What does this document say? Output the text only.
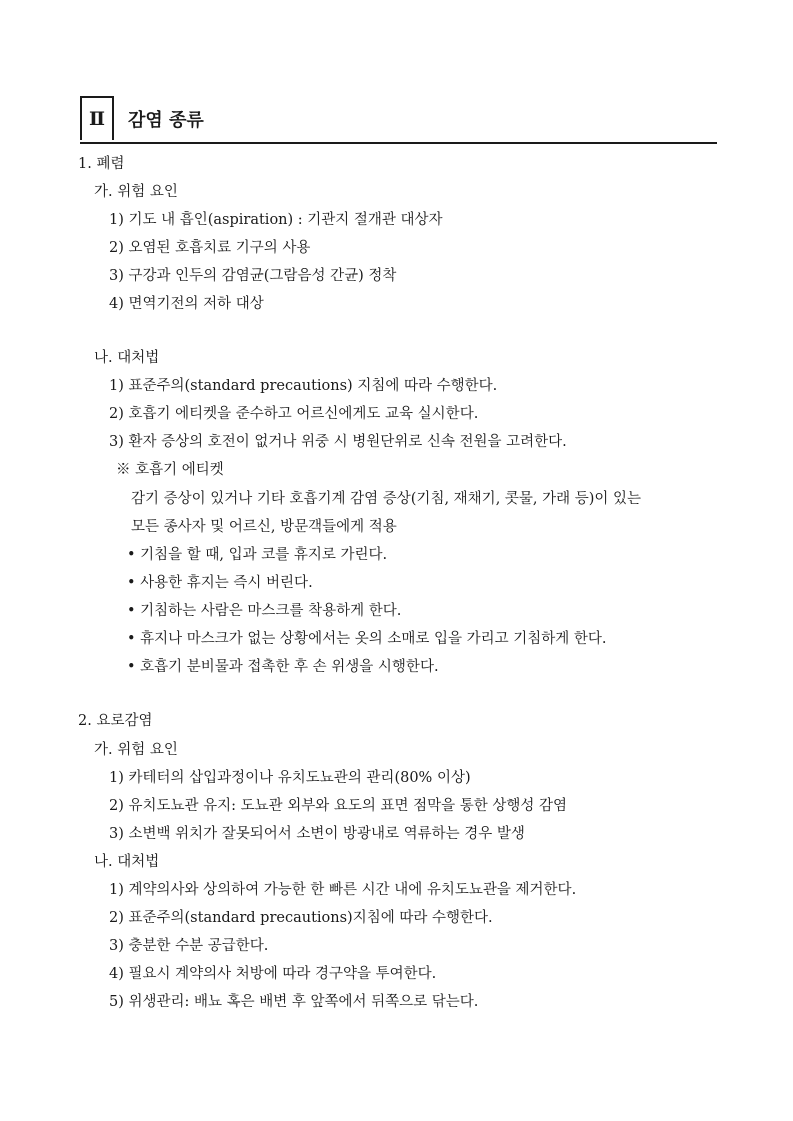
Ⅱ	감염 종류
1. 폐렴
가. 위험 요인
1) 기도 내 흡인(aspiration) : 기관지 절개관 대상자
2) 오염된 호흡치료 기구의 사용
3) 구강과 인두의 감염균(그람음성 간균) 정착
4) 면역기전의 저하 대상
나. 대처법
1) 표준주의(standard precautions) 지침에 따라 수행한다.
2) 호흡기 에티켓을 준수하고 어르신에게도 교육 실시한다.
3) 환자 증상의 호전이 없거나 위중 시 병원단위로 신속 전원을 고려한다.
※ 호흡기 에티켓
감기 증상이 있거나 기타 호흡기계 감염 증상(기침, 재채기, 콧물, 가래 등)이 있는
모든 종사자 및 어르신, 방문객들에게 적용
• 기침을 할 때, 입과 코를 휴지로 가린다.
• 사용한 휴지는 즉시 버린다.
• 기침하는 사람은 마스크를 착용하게 한다.
• 휴지나 마스크가 없는 상황에서는 옷의 소매로 입을 가리고 기침하게 한다.
• 호흡기 분비물과 접촉한 후 손 위생을 시행한다.
2. 요로감염
가. 위험 요인
1) 카테터의 삽입과정이나 유치도뇨관의 관리(80% 이상)
2) 유치도뇨관 유지: 도뇨관 외부와 요도의 표면 점막을 통한 상행성 감염
3) 소변백 위치가 잘못되어서 소변이 방광내로 역류하는 경우 발생
나. 대처법
1) 계약의사와 상의하여 가능한 한 빠른 시간 내에 유치도뇨관을 제거한다.
2) 표준주의(standard precautions)지침에 따라 수행한다.
3) 충분한 수분 공급한다.
4) 필요시 계약의사 처방에 따라 경구약을 투여한다.
5) 위생관리: 배뇨 혹은 배변 후 앞쪽에서 뒤쪽으로 닦는다.
